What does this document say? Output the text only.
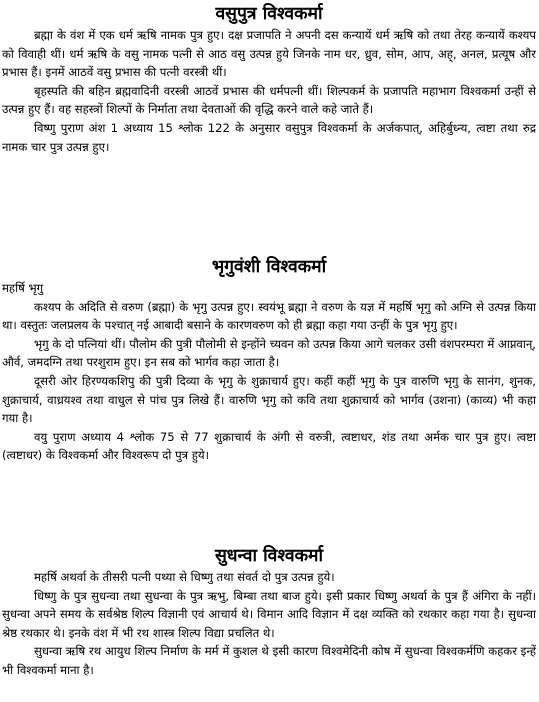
वसुपुत्र विश्वकर्मा

ब्रह्मा के वंश में एक धर्म ऋषि नामक पुत्र हुए। दक्ष प्रजापति ने अपनी दस कन्यायें धर्म ऋषि को तथा तेरह कन्यायें कश्यप को विवाही थीं। धर्म ऋषि के वसु नामक पत्नी से आठ वसु उत्पन्न हुये जिनके नाम धर, ध्रुव, सोम, आप, अह्, अनल, प्रत्यूष और प्रभास हैं। इनमें आठवें वसु प्रभास की पत्नी वरस्त्री थीं।

बृहस्पति की बहिन ब्रह्मवादिनी वरस्त्री आठवें प्रभास की धर्मपत्नी थीं। शिल्पकर्म के प्रजापति महाभाग विश्वकर्मा उन्हीं से उत्पन्न हुए हैं। वह सहस्त्रों शिल्पों के निर्माता तथा देवताओं की वृद्धि करने वाले कहे जाते हैं।

विष्णु पुराण अंश 1 अध्याय 15 श्लोक 122 के अनुसार वसुपुत्र विश्वकर्मा के अर्जकपात्, अहिर्बुध्न्य, त्वष्टा तथा रुद्र नामक चार पुत्र उत्पन्न हुए।

भृगुवंशी विश्वकर्मा

महर्षि भृगु

कश्यप के अदिति से वरुण (ब्रह्मा) के भृगु उत्पन्न हुए। स्वयंभू ब्रह्मा ने वरुण के यज्ञ में महर्षि भृगु को अग्नि से उत्पन्न किया था। वस्तुतः जलप्रलय के पश्चात् नई आबादी बसाने के कारणवरुण को ही ब्रह्मा कहा गया उन्हीं के पुत्र भृगु हुए।

भृगु के दो पत्नियां थीं। पौलोम की पुत्री पौलोमी से इन्होंने च्यवन को उत्पन्न किया आगे चलकर उसी वंशपरम्परा में आप्नवान्, और्व, जमदग्नि तथा परशुराम हुए। इन सब को भार्गव कहा जाता है।

दूसरी ओर हिरण्यकशिपु की पुत्री दिव्या के भृगु के शुक्राचार्य हुए। कहीं कहीं भृगु के पुत्र वारुणि भृगु के सानंग, शुनक, शुक्राचार्य, वाध्रयश्व तथा वाधुल से पांच पुत्र लिखे हैं। वारुणि भृगु को कवि तथा शुक्राचार्य को भार्गव (उशना) (काव्य) भी कहा गया है।

वयु पुराण अध्याय 4 श्लोक 75 से 77 शुक्राचार्य के अंगी से वरुत्री, त्वष्टाधर, शंड तथा अर्मक चार पुत्र हुए। त्वष्टा (त्वष्टाधर) के विश्वकर्मा और विश्वरूप दो पुत्र हुये।

सुधन्वा विश्वकर्मा

महर्षि अथर्वा के तीसरी पत्नी पथ्या से धिष्णु तथा संवर्त दो पुत्र उत्पन्न हुये।

धिष्णु के पुत्र सुधन्वा तथा सुधन्वा के पुत्र ऋभु, बिम्बा तथा बाज हुये। इसी प्रकार धिष्णु अथर्वा के पुत्र हैं अंगिरा के नहीं। सुधन्वा अपने समय के सर्वश्रेष्ठ शिल्प विज्ञानी एवं आचार्य थे। विमान आदि विज्ञान में दक्ष व्यक्ति को रथकार कहा गया है। सुधन्वा श्रेष्ठ रथकार थे। इनके वंश में भी रथ शास्त्र शिल्प विद्या प्रचलित थे।

सुधन्वा ऋषि रथ आयुध शिल्प निर्माण के मर्म में कुशल थे इसी कारण विश्वमेदिनी कोष में सुधन्वा विश्वकर्मणि कहकर इन्हें भी विश्वकर्मा माना है।
